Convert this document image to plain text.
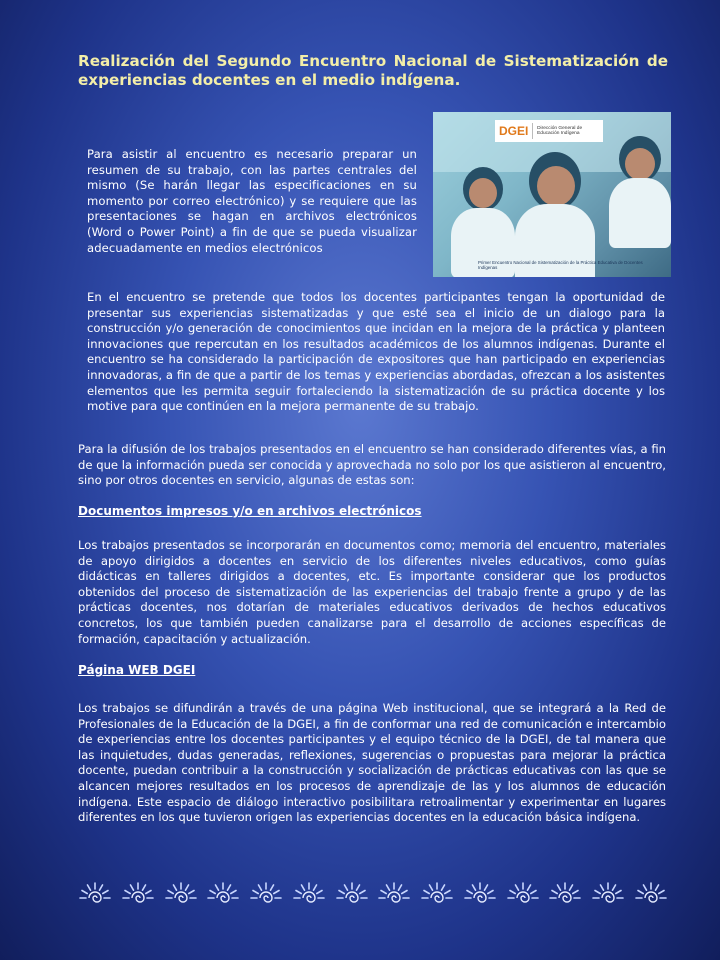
Realización del Segundo Encuentro Nacional de Sistematización de experiencias docentes en el medio indígena.
DGEI Dirección General de Educación Indígena
Primer Encuentro Nacional de Sistematización de la Práctica Educativa de Docentes Indígenas

Para asistir al encuentro es necesario preparar un resumen de su trabajo, con las partes centrales del mismo (Se harán llegar las especificaciones en su momento por correo electrónico) y se requiere que las presentaciones se hagan en archivos electrónicos (Word o Power Point) a fin de que se pueda visualizar adecuadamente en medios electrónicos

En el encuentro se pretende que todos los docentes participantes tengan la oportunidad de presentar sus experiencias sistematizadas y que esté sea el inicio de un dialogo para la construcción y/o generación de conocimientos que incidan en la mejora de la práctica y planteen innovaciones que repercutan en los resultados académicos de los alumnos indígenas. Durante el encuentro se ha considerado la participación de expositores que han participado en experiencias innovadoras, a fin de que a partir de los temas y experiencias abordadas, ofrezcan a los asistentes elementos que les permita seguir fortaleciendo la sistematización de su práctica docente y los motive para que continúen en la mejora permanente de su trabajo.

Para la difusión de los trabajos presentados en el encuentro se han considerado diferentes vías, a fin de que la información pueda ser conocida y aprovechada no solo por los que asistieron al encuentro, sino por otros docentes en servicio, algunas de estas son:

Documentos impresos y/o en archivos electrónicos

Los trabajos presentados se incorporarán en documentos como; memoria del encuentro, materiales de apoyo dirigidos a docentes en servicio de los diferentes niveles educativos, como guías didácticas en talleres dirigidos a docentes, etc. Es importante considerar que los productos obtenidos del proceso de sistematización de las experiencias del trabajo frente a grupo y de las prácticas docentes, nos dotarían de materiales educativos derivados de hechos educativos concretos, los que también pueden canalizarse para el desarrollo de acciones específicas de formación, capacitación y actualización.

Página WEB DGEI

Los trabajos se difundirán a través de una página Web institucional, que se integrará a la Red de Profesionales de la Educación de la DGEI, a fin de conformar una red de comunicación e intercambio de experiencias entre los docentes participantes y el equipo técnico de la DGEI, de tal manera que las inquietudes, dudas generadas, reflexiones, sugerencias o propuestas para mejorar la práctica docente, puedan contribuir a la construcción y socialización de prácticas educativas con las que se alcancen mejores resultados en los procesos de aprendizaje de las y los alumnos de educación indígena. Este espacio de diálogo interactivo posibilitara retroalimentar y experimentar en lugares diferentes en los que tuvieron origen las experiencias docentes en la educación básica indígena.
